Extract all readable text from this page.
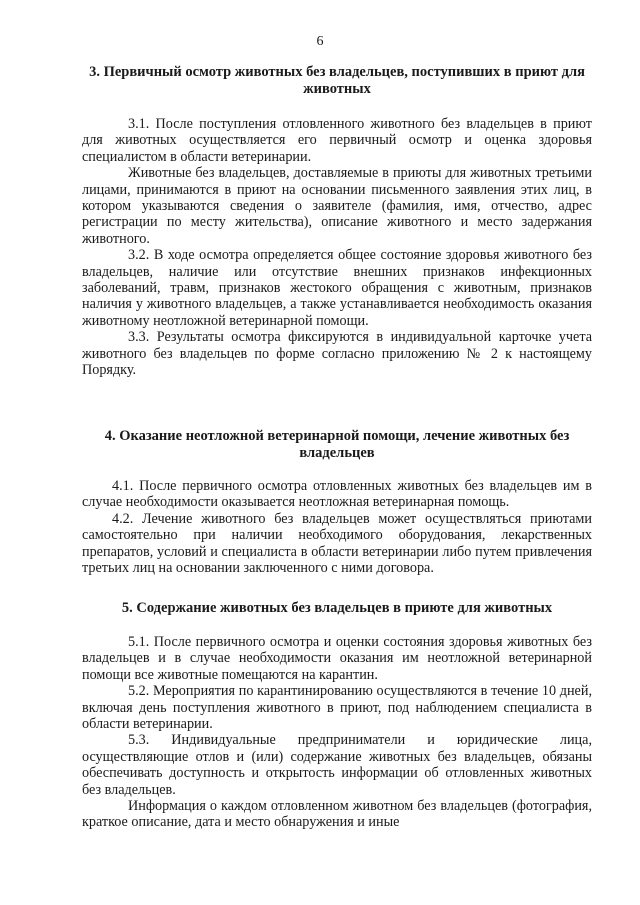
6

3. Первичный осмотр животных без владельцев, поступивших в приют для животных

3.1. После поступления отловленного животного без владельцев в приют для животных осуществляется его первичный осмотр и оценка здоровья специалистом в области ветеринарии.

Животные без владельцев, доставляемые в приюты для животных третьими лицами, принимаются в приют на основании письменного заявления этих лиц, в котором указываются сведения о заявителе (фамилия, имя, отчество, адрес регистрации по месту жительства), описание животного и место задержания животного.

3.2. В ходе осмотра определяется общее состояние здоровья животного без владельцев, наличие или отсутствие внешних признаков инфекционных заболеваний, травм, признаков жестокого обращения с животным, признаков наличия у животного владельцев, а также устанавливается необходимость оказания животному неотложной ветеринарной помощи.

3.3. Результаты осмотра фиксируются в индивидуальной карточке учета животного без владельцев по форме согласно приложению № 2 к настоящему Порядку.

4. Оказание неотложной ветеринарной помощи, лечение животных без владельцев

4.1. После первичного осмотра отловленных животных без владельцев им в случае необходимости оказывается неотложная ветеринарная помощь.

4.2. Лечение животного без владельцев может осуществляться приютами самостоятельно при наличии необходимого оборудования, лекарственных препаратов, условий и специалиста в области ветеринарии либо путем привлечения третьих лиц на основании заключенного с ними договора.

5. Содержание животных без владельцев в приюте для животных

5.1. После первичного осмотра и оценки состояния здоровья животных без владельцев и в случае необходимости оказания им неотложной ветеринарной помощи все животные помещаются на карантин.

5.2. Мероприятия по карантинированию осуществляются в течение 10 дней, включая день поступления животного в приют, под наблюдением специалиста в области ветеринарии.

5.3. Индивидуальные предприниматели и юридические лица, осуществляющие отлов и (или) содержание животных без владельцев, обязаны обеспечивать доступность и открытость информации об отловленных животных без владельцев.

Информация о каждом отловленном животном без владельцев (фотография, краткое описание, дата и место обнаружения и иные
